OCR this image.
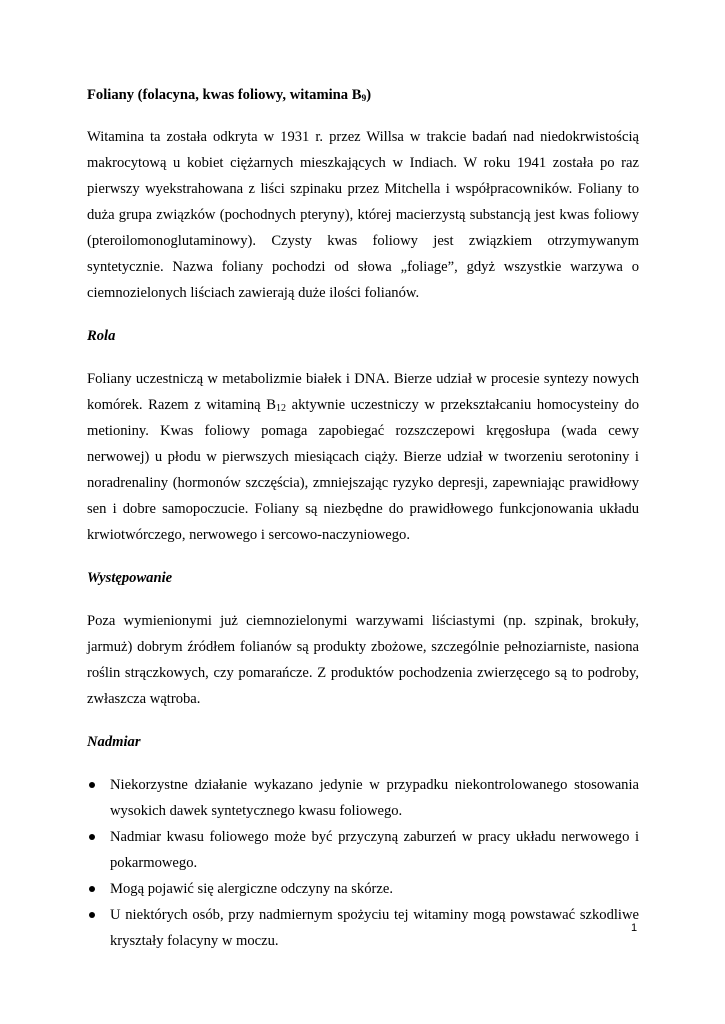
Foliany (folacyna, kwas foliowy, witamina $B_9$)

Witamina ta została odkryta w 1931 r. przez Willsa w trakcie badań nad niedokrwistością makrocytową u kobiet ciężarnych mieszkających w Indiach. W roku 1941 została po raz pierwszy wyekstrahowana z liści szpinaku przez Mitchella i współpracowników. Foliany to duża grupa związków (pochodnych pteryny), której macierzystą substancją jest kwas foliowy (pteroilomonoglutaminowy). Czysty kwas foliowy jest związkiem otrzymywanym syntetycznie. Nazwa foliany pochodzi od słowa „foliage”, gdyż wszystkie warzywa o ciemnozielonych liściach zawierają duże ilości folianów.

Rola

Foliany uczestniczą w metabolizmie białek i DNA. Bierze udział w procesie syntezy nowych komórek. Razem z witaminą $B_{12}$ aktywnie uczestniczy w przekształcaniu homocysteiny do metioniny. Kwas foliowy pomaga zapobiegać rozszczepowi kręgosłupa (wada cewy nerwowej) u płodu w pierwszych miesiącach ciąży. Bierze udział w tworzeniu serotoniny i noradrenaliny (hormonów szczęścia), zmniejszając ryzyko depresji, zapewniając prawidłowy sen i dobre samopoczucie. Foliany są niezbędne do prawidłowego funkcjonowania układu krwiotwórczego, nerwowego i sercowo-naczyniowego.

Występowanie

Poza wymienionymi już ciemnozielonymi warzywami liściastymi (np. szpinak, brokuły, jarmuż) dobrym źródłem folianów są produkty zbożowe, szczególnie pełnoziarniste, nasiona roślin strączkowych, czy pomarańcze. Z produktów pochodzenia zwierzęcego są to podroby, zwłaszcza wątroba.

Nadmiar

Niekorzystne działanie wykazano jedynie w przypadku niekontrolowanego stosowania wysokich dawek syntetycznego kwasu foliowego.
Nadmiar kwasu foliowego może być przyczyną zaburzeń w pracy układu nerwowego i pokarmowego.
Mogą pojawić się alergiczne odczyny na skórze.
U niektórych osób, przy nadmiernym spożyciu tej witaminy mogą powstawać szkodliwe kryształy folacyny w moczu.
1
